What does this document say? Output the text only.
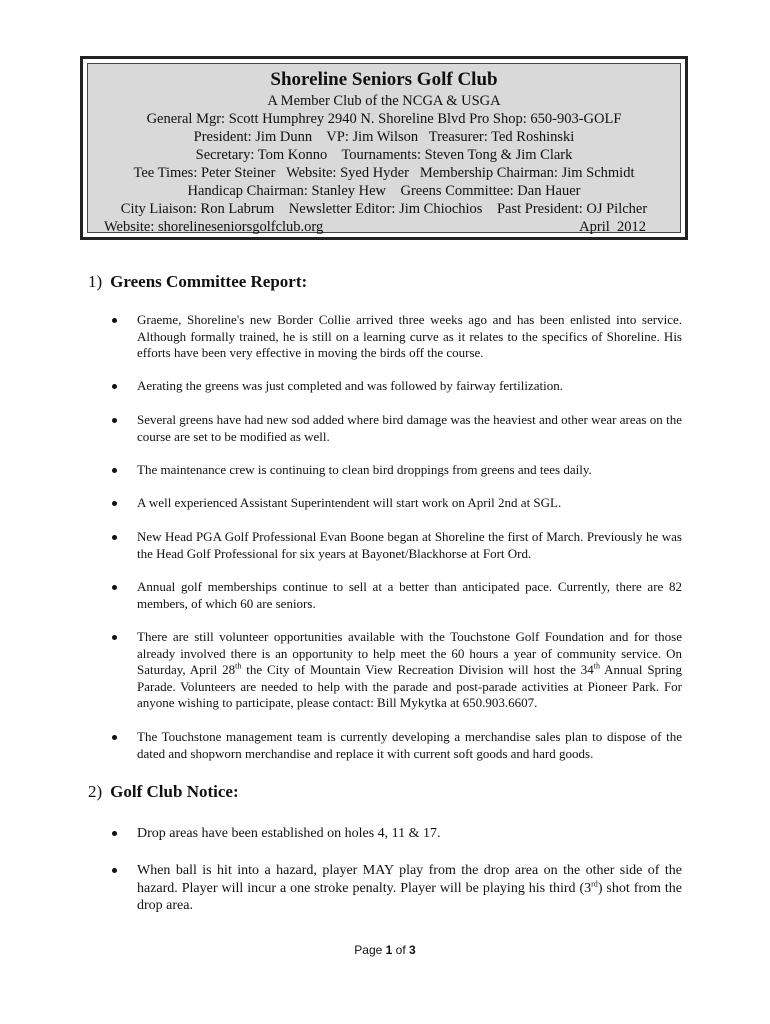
Shoreline Seniors Golf Club
A Member Club of the NCGA & USGA
General Mgr: Scott Humphrey 2940 N. Shoreline Blvd Pro Shop: 650-903-GOLF
President: Jim Dunn    VP: Jim Wilson   Treasurer: Ted Roshinski
Secretary: Tom Konno    Tournaments: Steven Tong & Jim Clark
Tee Times: Peter Steiner   Website: Syed Hyder   Membership Chairman: Jim Schmidt
Handicap Chairman: Stanley Hew    Greens Committee: Dan Hauer
City Liaison: Ron Labrum    Newsletter Editor: Jim Chiochios    Past President: OJ Pilcher
Website: shorelineseniorsgolfclub.org	April  2012
1) Greens Committee Report:
Graeme, Shoreline's new Border Collie arrived three weeks ago and has been enlisted into service. Although formally trained, he is still on a learning curve as it relates to the specifics of Shoreline. His efforts have been very effective in moving the birds off the course.
Aerating the greens was just completed and was followed by fairway fertilization.
Several greens have had new sod added where bird damage was the heaviest and other wear areas on the course are set to be modified as well.
The maintenance crew is continuing to clean bird droppings from greens and tees daily.
A well experienced Assistant Superintendent will start work on April 2nd at SGL.
New Head PGA Golf Professional Evan Boone began at Shoreline the first of March. Previously he was the Head Golf Professional for six years at Bayonet/Blackhorse at Fort Ord.
Annual golf memberships continue to sell at a better than anticipated pace. Currently, there are 82 members, of which 60 are seniors.
There are still volunteer opportunities available with the Touchstone Golf Foundation and for those already involved there is an opportunity to help meet the 60 hours a year of community service. On Saturday, April 28th the City of Mountain View Recreation Division will host the 34th Annual Spring Parade. Volunteers are needed to help with the parade and post-parade activities at Pioneer Park. For anyone wishing to participate, please contact: Bill Mykytka at 650.903.6607.
The Touchstone management team is currently developing a merchandise sales plan to dispose of the dated and shopworn merchandise and replace it with current soft goods and hard goods.
2) Golf Club Notice:
Drop areas have been established on holes 4, 11 & 17.
When ball is hit into a hazard, player MAY play from the drop area on the other side of the hazard. Player will incur a one stroke penalty. Player will be playing his third (3rd) shot from the drop area.
Page 1 of 3
